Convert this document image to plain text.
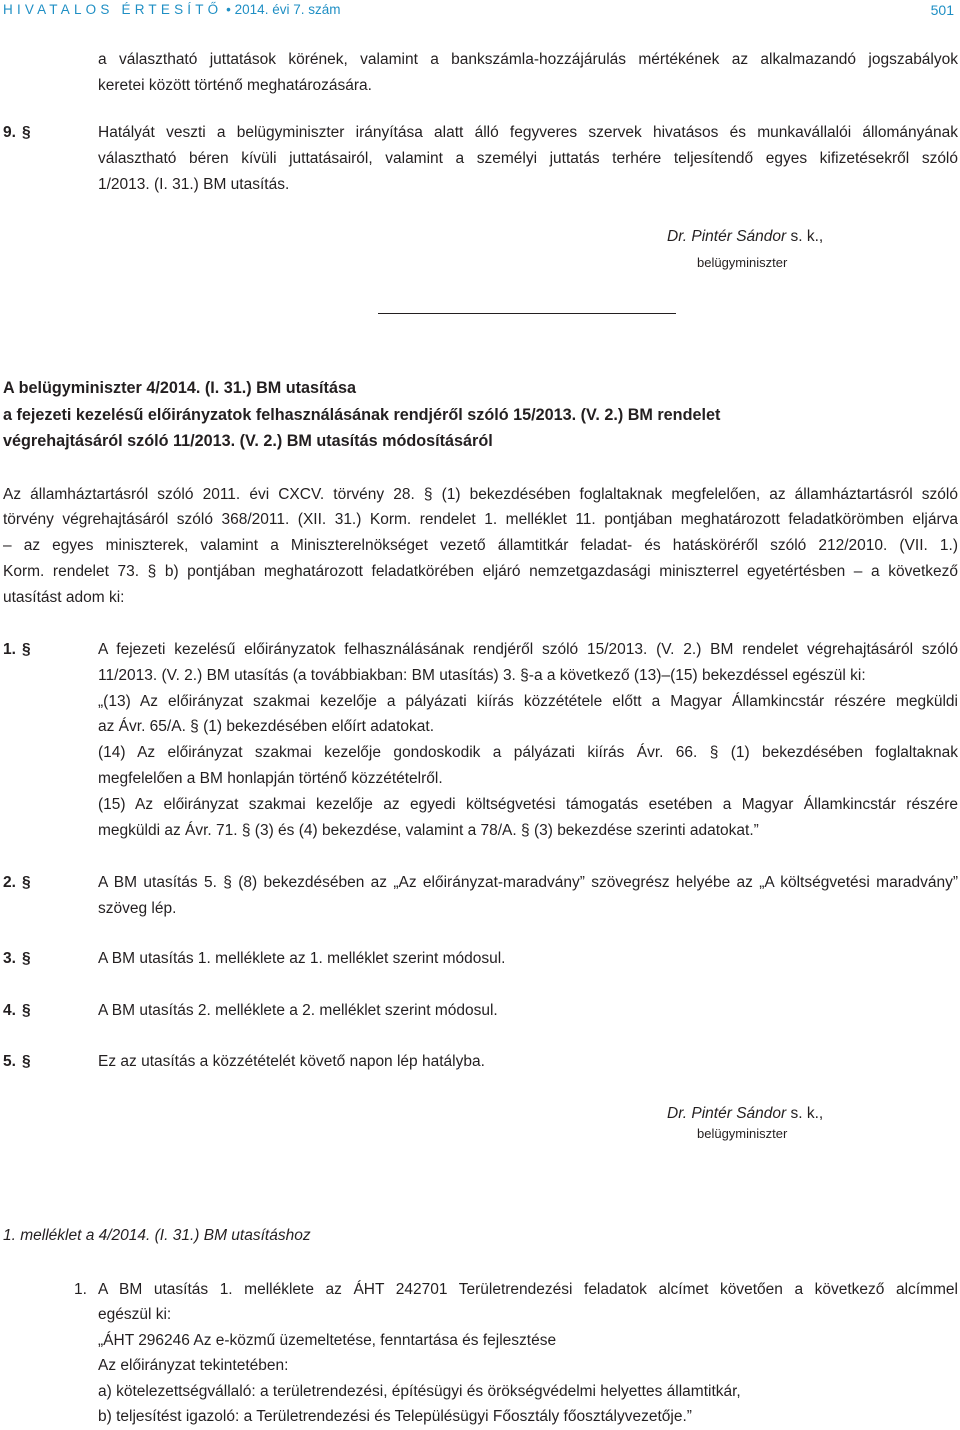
HIVATALOS ÉRTESÍTŐ • 2014. évi 7. szám	501
a választható juttatások körének, valamint a bankszámla-hozzájárulás mértékének az alkalmazandó jogszabályok
keretei között történő meghatározására.
9. §	Hatályát veszti a belügyminiszter irányítása alatt álló fegyveres szervek hivatásos és munkavállalói állományának
választható béren kívüli juttatásairól, valamint a személyi juttatás terhére teljesítendő egyes kifizetésekről szóló
1/2013. (I. 31.) BM utasítás.
Dr. Pintér Sándor s. k.,
belügyminiszter
A belügyminiszter 4/2014. (I. 31.) BM utasítása
a fejezeti kezelésű előirányzatok felhasználásának rendjéről szóló 15/2013. (V. 2.) BM rendelet
végrehajtásáról szóló 11/2013. (V. 2.) BM utasítás módosításáról
Az államháztartásról szóló 2011. évi CXCV. törvény 28. § (1) bekezdésében foglaltaknak megfelelően, az államháztartásról szóló
törvény végrehajtásáról szóló 368/2011. (XII. 31.) Korm. rendelet 1. melléklet 11. pontjában meghatározott feladatkörömben eljárva
– az egyes miniszterek, valamint a Miniszterelnökséget vezető államtitkár feladat- és hatásköréről szóló 212/2010. (VII. 1.)
Korm. rendelet 73. § b) pontjában meghatározott feladatkörében eljáró nemzetgazdasági miniszterrel egyetértésben – a következő
utasítást adom ki:
1. §	A fejezeti kezelésű előirányzatok felhasználásának rendjéről szóló 15/2013. (V. 2.) BM rendelet végrehajtásáról szóló
11/2013. (V. 2.) BM utasítás (a továbbiakban: BM utasítás) 3. §-a a következő (13)–(15) bekezdéssel egészül ki:
„(13) Az előirányzat szakmai kezelője a pályázati kiírás közzététele előtt a Magyar Államkincstár részére megküldi
az Ávr. 65/A. § (1) bekezdésében előírt adatokat.
(14) Az előirányzat szakmai kezelője gondoskodik a pályázati kiírás Ávr. 66. § (1) bekezdésében foglaltaknak
megfelelően a BM honlapján történő közzétételről.
(15) Az előirányzat szakmai kezelője az egyedi költségvetési támogatás esetében a Magyar Államkincstár részére
megküldi az Ávr. 71. § (3) és (4) bekezdése, valamint a 78/A. § (3) bekezdése szerinti adatokat.”
2. §	A BM utasítás 5. § (8) bekezdésében az „Az előirányzat-maradvány” szövegrész helyébe az „A költségvetési maradvány”
szöveg lép.
3. §	A BM utasítás 1. melléklete az 1. melléklet szerint módosul.
4. §	A BM utasítás 2. melléklete a 2. melléklet szerint módosul.
5. §	Ez az utasítás a közzétételét követő napon lép hatályba.
Dr. Pintér Sándor s. k.,
belügyminiszter
1. melléklet a 4/2014. (I. 31.) BM utasításhoz
1. A BM utasítás 1. melléklete az ÁHT 242701 Területrendezési feladatok alcímet követően a következő alcímmel
egészül ki:
„ÁHT 296246 Az e-közmű üzemeltetése, fenntartása és fejlesztése
Az előirányzat tekintetében:
a) kötelezettségvállaló: a területrendezési, építésügyi és örökségvédelmi helyettes államtitkár,
b) teljesítést igazoló: a Területrendezési és Településügyi Főosztály főosztályvezetője.”
